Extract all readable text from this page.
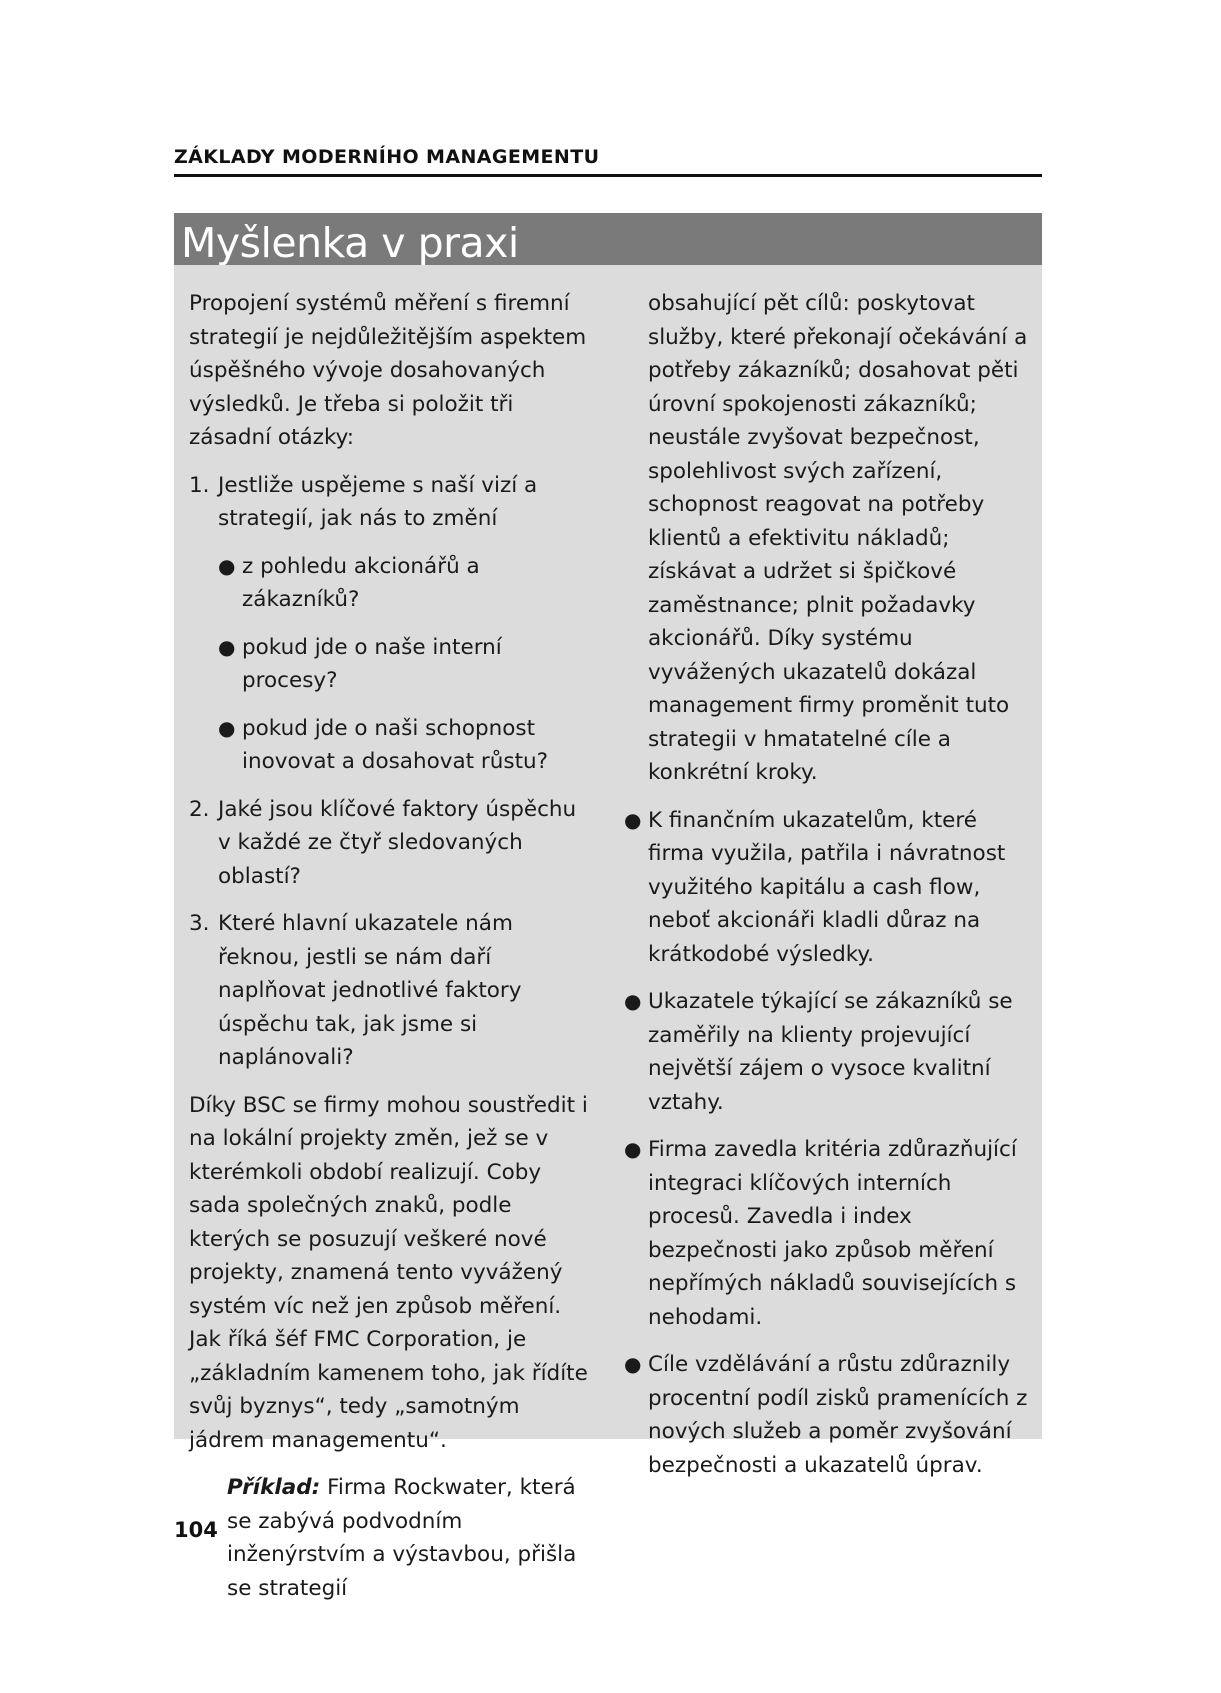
ZÁKLADY MODERNÍHO MANAGEMENTU
Myšlenka v praxi

Propojení systémů měření s firemní strategií je nejdůležitějším aspektem úspěšného vývoje dosahovaných výsledků. Je třeba si položit tři zásadní otázky:

1. Jestliže uspějeme s naší vizí a strategií, jak nás to změní
● z pohledu akcionářů a zákazníků?
● pokud jde o naše interní procesy?
● pokud jde o naši schopnost inovovat a dosahovat růstu?
2. Jaké jsou klíčové faktory úspěchu v každé ze čtyř sledovaných oblastí?
3. Které hlavní ukazatele nám řeknou, jestli se nám daří naplňovat jednotlivé faktory úspěchu tak, jak jsme si naplánovali?

Díky BSC se firmy mohou soustředit i na lokální projekty změn, jež se v kterémkoli období realizují. Coby sada společných znaků, podle kterých se posuzují veškeré nové projekty, znamená tento vyvážený systém víc než jen způsob měření. Jak říká šéf FMC Corporation, je „základním kamenem toho, jak řídíte svůj byznys“, tedy „samotným jádrem managementu“.

Příklad: Firma Rockwater, která se zabývá podvodním inženýrstvím a výstavbou, přišla se strategií

obsahující pět cílů: poskytovat služby, které překonají očekávání a potřeby zákazníků; dosahovat pěti úrovní spokojenosti zákazníků; neustále zvyšovat bezpečnost, spolehlivost svých zařízení, schopnost reagovat na potřeby klientů a efektivitu nákladů; získávat a udržet si špičkové zaměstnance; plnit požadavky akcionářů. Díky systému vyvážených ukazatelů dokázal management firmy proměnit tuto strategii v hmatatelné cíle a konkrétní kroky.

● K finančním ukazatelům, které firma využila, patřila i návratnost využitého kapitálu a cash flow, neboť akcionáři kladli důraz na krátkodobé výsledky.
● Ukazatele týkající se zákazníků se zaměřily na klienty projevující největší zájem o vysoce kvalitní vztahy.
● Firma zavedla kritéria zdůrazňující integraci klíčových interních procesů. Zavedla i index bezpečnosti jako způsob měření nepřímých nákladů souvisejících s nehodami.
● Cíle vzdělávání a růstu zdůraznily procentní podíl zisků pramenících z nových služeb a poměr zvyšování bezpečnosti a ukazatelů úprav.
104
